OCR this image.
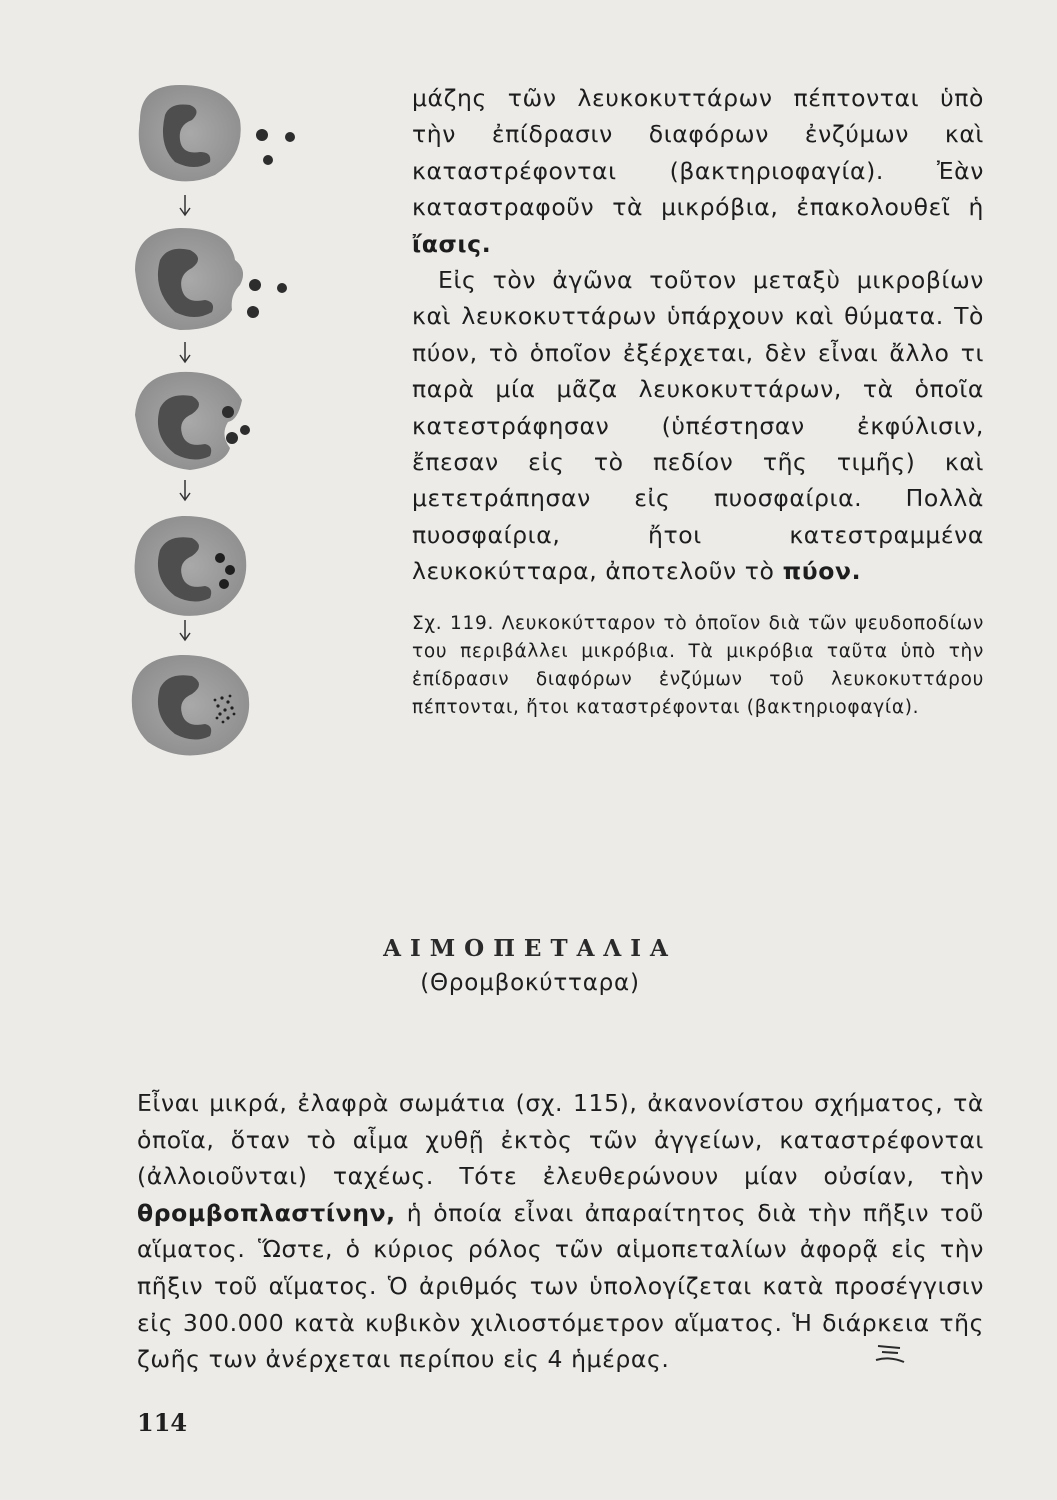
μάζης τῶν λευκοκυττάρων πέπτονται ὑπὸ τὴν ἐπίδρασιν διαφόρων ἐνζύμων καὶ καταστρέφονται (βακτηριοφαγία). Ἐὰν καταστραφοῦν τὰ μικρόβια, ἐπακολουθεῖ ἡ ἴασις.

Εἰς τὸν ἀγῶνα τοῦτον μεταξὺ μικροβίων καὶ λευκοκυττάρων ὑπάρχουν καὶ θύματα. Τὸ πύον, τὸ ὁποῖον ἐξέρχεται, δὲν εἶναι ἄλλο τι παρὰ μία μᾶζα λευκοκυττάρων, τὰ ὁποῖα κατεστράφησαν (ὑπέστησαν ἐκφύλισιν, ἔπεσαν εἰς τὸ πεδίον τῆς τιμῆς) καὶ μετετράπησαν εἰς πυοσφαίρια. Πολλὰ πυοσφαίρια, ἤτοι κατεστραμμένα λευκοκύτταρα, ἀποτελοῦν τὸ πύον.

Σχ. 119. Λευκοκύτταρον τὸ ὁποῖον διὰ τῶν ψευδοποδίων του περιβάλλει μικρόβια. Τὰ μικρόβια ταῦτα ὑπὸ τὴν ἐπίδρασιν διαφόρων ἐνζύμων τοῦ λευκοκυττάρου πέπτονται, ἤτοι καταστρέφονται (βακτηριοφαγία).

ΑΙΜΟΠΕΤΑΛΙΑ
(Θρομβοκύτταρα)

Εἶναι μικρά, ἐλαφρὰ σωμάτια (σχ. 115), ἀκανονίστου σχήματος, τὰ ὁποῖα, ὅταν τὸ αἷμα χυθῇ ἐκτὸς τῶν ἀγγείων, καταστρέφονται (ἀλλοιοῦνται) ταχέως. Τότε ἐλευθερώνουν μίαν οὐσίαν, τὴν θρομβοπλαστίνην, ἡ ὁποία εἶναι ἀπαραίτητος διὰ τὴν πῆξιν τοῦ αἵματος. Ὥστε, ὁ κύριος ρόλος τῶν αἱμοπεταλίων ἀφορᾷ εἰς τὴν πῆξιν τοῦ αἵματος. Ὁ ἀριθμός των ὑπολογίζεται κατὰ προσέγγισιν εἰς 300.000 κατὰ κυβικὸν χιλιοστόμετρον αἵματος. Ἡ διάρκεια τῆς ζωῆς των ἀνέρχεται περίπου εἰς 4 ἡμέρας.

114
